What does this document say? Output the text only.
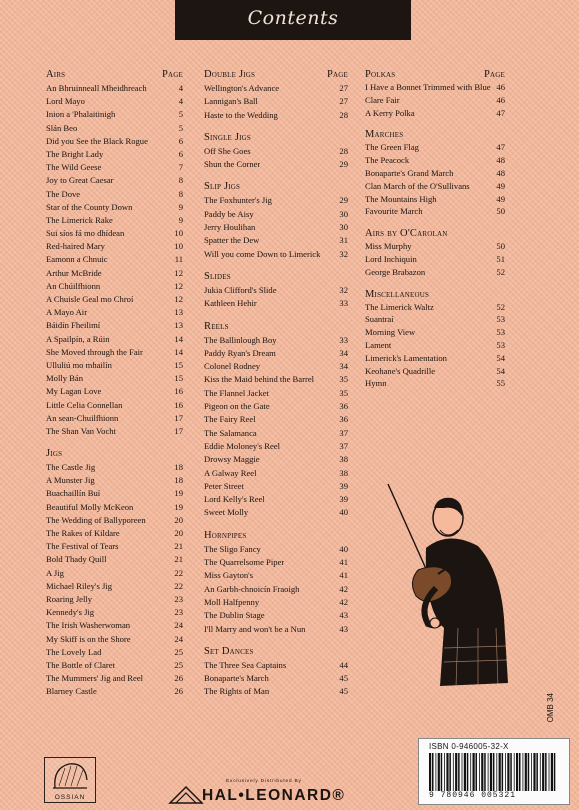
Contents
Airs	Page
An Bhruinneall Mheidhreach	4
Lord Mayo	4
Inion a 'Phalaitinigh	5
Slán Beo	5
Did you See the Black Rogue	6
The Bright Lady	6
The Wild Geese	7
Joy to Great Caesar	8
The Dove	8
Star of the County Down	9
The Limerick Rake	9
Sui síos fá mo dhídean	10
Red-haired Mary	10
Eamonn a Chnuic	11
Arthur McBride	12
An Chúilfhionn	12
A Chuisle Geal mo Chroí	12
A Mayo Air	13
Báidín Fheilimí	13
A Spailpín, a Rúin	14
She Moved through the Fair	14
Ulluliú mo mhailín	15
Molly Bán	15
My Lagan Love	16
Little Celia Connellan	16
An sean-Chuilfhionn	17
The Shan Van Vocht	17
Jigs
The Castle Jig	18
A Munster Jig	18
Buachaillín Buí	19
Beautiful Molly McKeon	19
The Wedding of Ballyporeen	20
The Rakes of Kildare	20
The Festival of Tears	21
Bold Thady Quill	21
A Jig	22
Michael Riley's Jig	22
Roaring Jelly	23
Kennedy's Jig	23
The Irish Washerwoman	24
My Skiff is on the Shore	24
The Lovely Lad	25
The Bottle of Claret	25
The Mummers' Jig and Reel	26
Blarney Castle	26
Double Jigs	Page
Wellington's Advance	27
Lannigan's Ball	27
Haste to the Wedding	28
Single Jigs
Off She Goes	28
Shun the Corner	29
Slip Jigs
The Foxhunter's Jig	29
Paddy be Aisy	30
Jerry Houlihan	30
Spatter the Dew	31
Will you come Down to Limerick 32
Slides
Jukia Clifford's Slide	32
Kathleen Hehir	33
Reels
The Ballinlough Boy	33
Paddy Ryan's Dream	34
Colonel Rodney	34
Kiss the Maid behind the Barrel	35
The Flannel Jacket	35
Pigeon on the Gate	36
The Fairy Reel	36
The Salamanca	37
Eddie Moloney's Reel	37
Drowsy Maggie	38
A Galway Reel	38
Peter Street	39
Lord Kelly's Reel	39
Sweet Molly	40
Hornpipes
The Sligo Fancy	40
The Quarrelsome Piper	41
Miss Gayton's	41
An Garbh-chnoicín Fraoigh	42
Moll Halfpenny	42
The Dublin Stage	43
I'll Marry and won't be a Nun	43
Set Dances
The Three Sea Captains	44
Bonaparte's March	45
The Rights of Man	45
Polkas	Page
I Have a Bonnet Trimmed with Blue 46
Clare Fair	46
A Kerry Polka	47
Marches
The Green Flag	47
The Peacock	48
Bonaparte's Grand March	48
Clan March of the O'Sullivans	49
The Mountains High	49
Favourite March	50
Airs by O'Carolan
Miss Murphy	50
Lord Inchiquin	51
George Brabazon	52
Miscellaneous
The Limerick Waltz	52
Suantraí	53
Morning View	53
Lament	53
Limerick's Lamentation	54
Keohane's Quadrille	54
Hymn	55
OMB 34
ISBN 0-946005-32-X
9 780946 005321
OSSIAN
Exclusively Distributed By
HAL•LEONARD®
